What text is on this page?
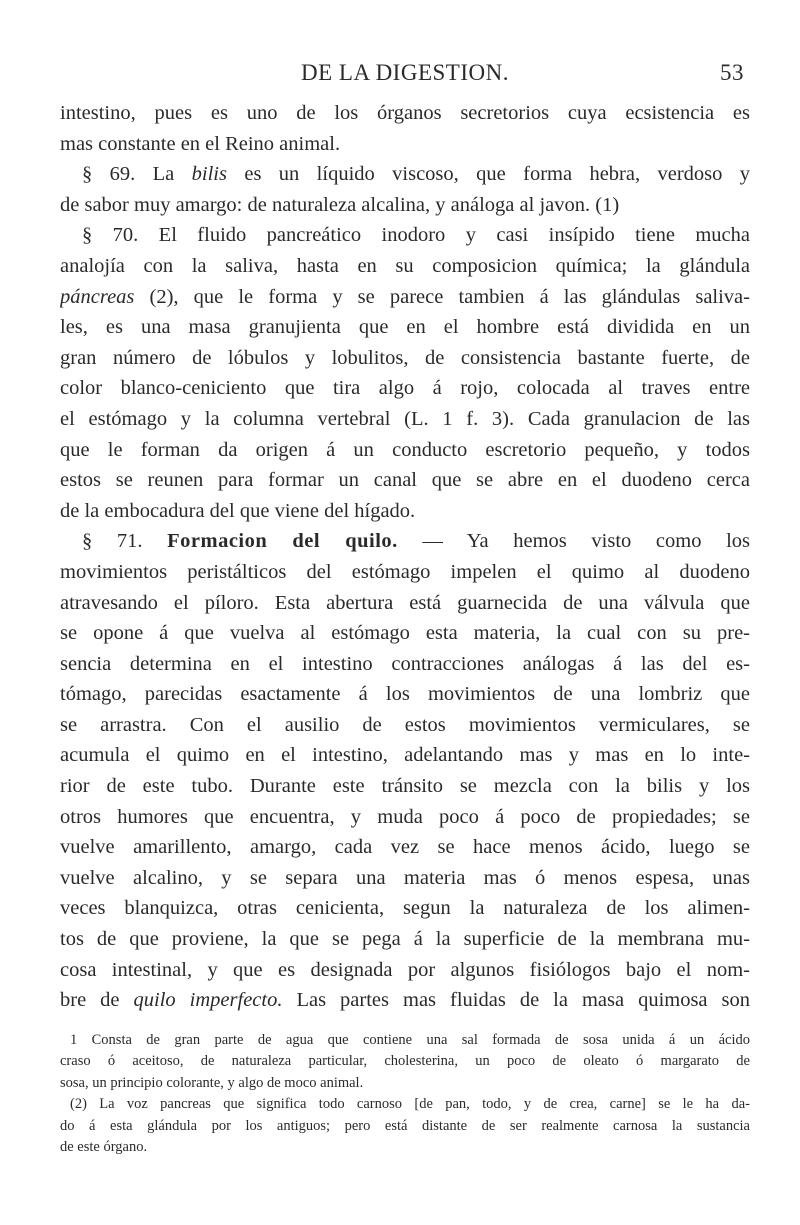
DE LA DIGESTION.	53
intestino, pues es uno de los órganos secretorios cuya ecsistencia es
mas constante en el Reino animal.
§ 69. La bilis es un líquido viscoso, que forma hebra, verdoso y
de sabor muy amargo: de naturaleza alcalina, y análoga al javon. (1)
§ 70. El fluido pancreático inodoro y casi insípido tiene mucha
analojía con la saliva, hasta en su composicion química; la glándula
páncreas (2), que le forma y se parece tambien á las glándulas saliva-
les, es una masa granujienta que en el hombre está dividida en un
gran número de lóbulos y lobulitos, de consistencia bastante fuerte, de
color blanco-ceniciento que tira algo á rojo, colocada al traves entre
el estómago y la columna vertebral (L. 1 f. 3). Cada granulacion de las
que le forman da origen á un conducto escretorio pequeño, y todos
estos se reunen para formar un canal que se abre en el duodeno cerca
de la embocadura del que viene del hígado.
§ 71. Formacion del quilo. — Ya hemos visto como los
movimientos peristálticos del estómago impelen el quimo al duodeno
atravesando el píloro. Esta abertura está guarnecida de una válvula que
se opone á que vuelva al estómago esta materia, la cual con su pre-
sencia determina en el intestino contracciones análogas á las del es-
tómago, parecidas esactamente á los movimientos de una lombriz que
se arrastra. Con el ausilio de estos movimientos vermiculares, se
acumula el quimo en el intestino, adelantando mas y mas en lo inte-
rior de este tubo. Durante este tránsito se mezcla con la bilis y los
otros humores que encuentra, y muda poco á poco de propiedades; se
vuelve amarillento, amargo, cada vez se hace menos ácido, luego se
vuelve alcalino, y se separa una materia mas ó menos espesa, unas
veces blanquizca, otras cenicienta, segun la naturaleza de los alimen-
tos de que proviene, la que se pega á la superficie de la membrana mu-
cosa intestinal, y que es designada por algunos fisiólogos bajo el nom-
bre de quilo imperfecto. Las partes mas fluidas de la masa quimosa son
1 Consta de gran parte de agua que contiene una sal formada de sosa unida á un ácido
craso ó aceitoso, de naturaleza particular, cholesterina, un poco de oleato ó margarato de
sosa, un principio colorante, y algo de moco animal.
(2) La voz pancreas que significa todo carnoso [de pan, todo, y de crea, carne] se le ha da-
do á esta glándula por los antiguos; pero está distante de ser realmente carnosa la sustancia
de este órgano.
